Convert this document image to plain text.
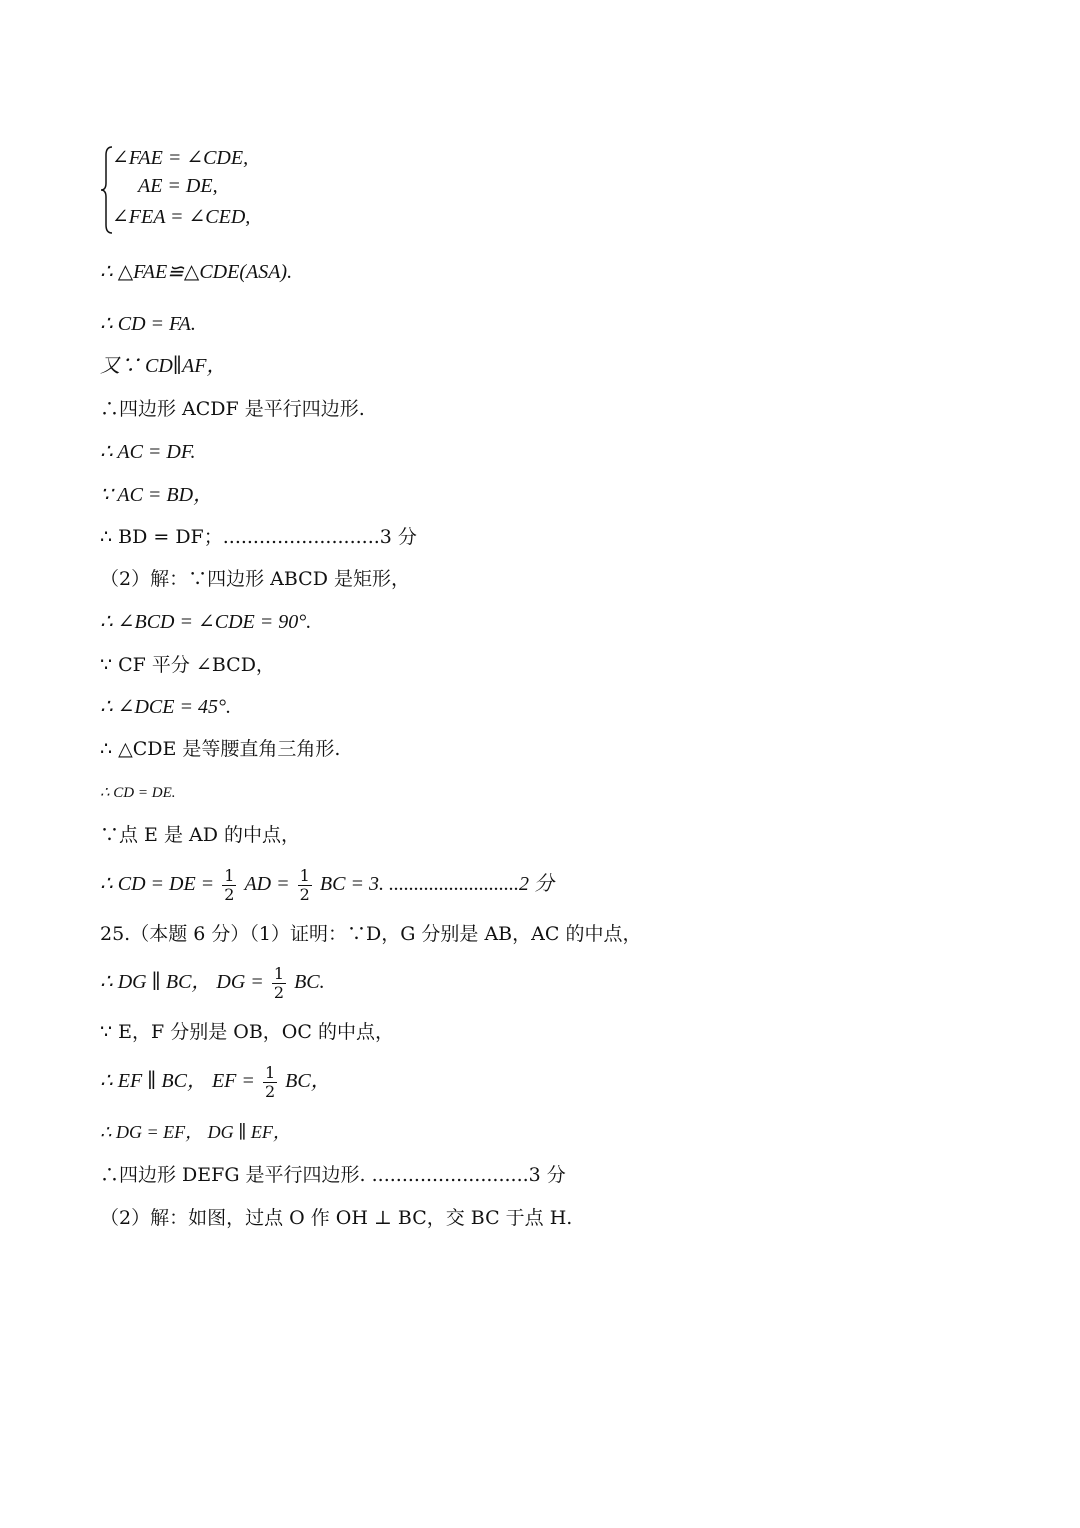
∠FAE = ∠CDE,
AE = DE,
∠FEA = ∠CED,
∴ △FAE≌△CDE(ASA).
∴ CD = FA.
又∵ CD∥AF，
∴四边形 ACDF 是平行四边形.
∴ AC = DF.
∵ AC = BD，
∴ BD = DF；..........................3 分
（2）解：∵四边形 ABCD 是矩形，
∴ ∠BCD = ∠CDE = 90°.
∵ CF 平分 ∠BCD，
∴ ∠DCE = 45°.
∴ △CDE 是等腰直角三角形.
∴ CD = DE.
∵点 E 是 AD 的中点，
∴ CD = DE = $\frac{1}{2}$ AD = $\frac{1}{2}$ BC = 3. ..........................2 分
25.（本题 6 分）（1）证明：∵D，G 分别是 AB，AC 的中点，
∴ DG ∥ BC， DG = $\frac{1}{2}$ BC.
∵ E，F 分别是 OB，OC 的中点，
∴ EF ∥ BC， EF = $\frac{1}{2}$ BC，
∴ DG = EF， DG ∥ EF，
∴四边形 DEFG 是平行四边形. ..........................3 分
（2）解：如图，过点 O 作 OH ⊥ BC，交 BC 于点 H.
